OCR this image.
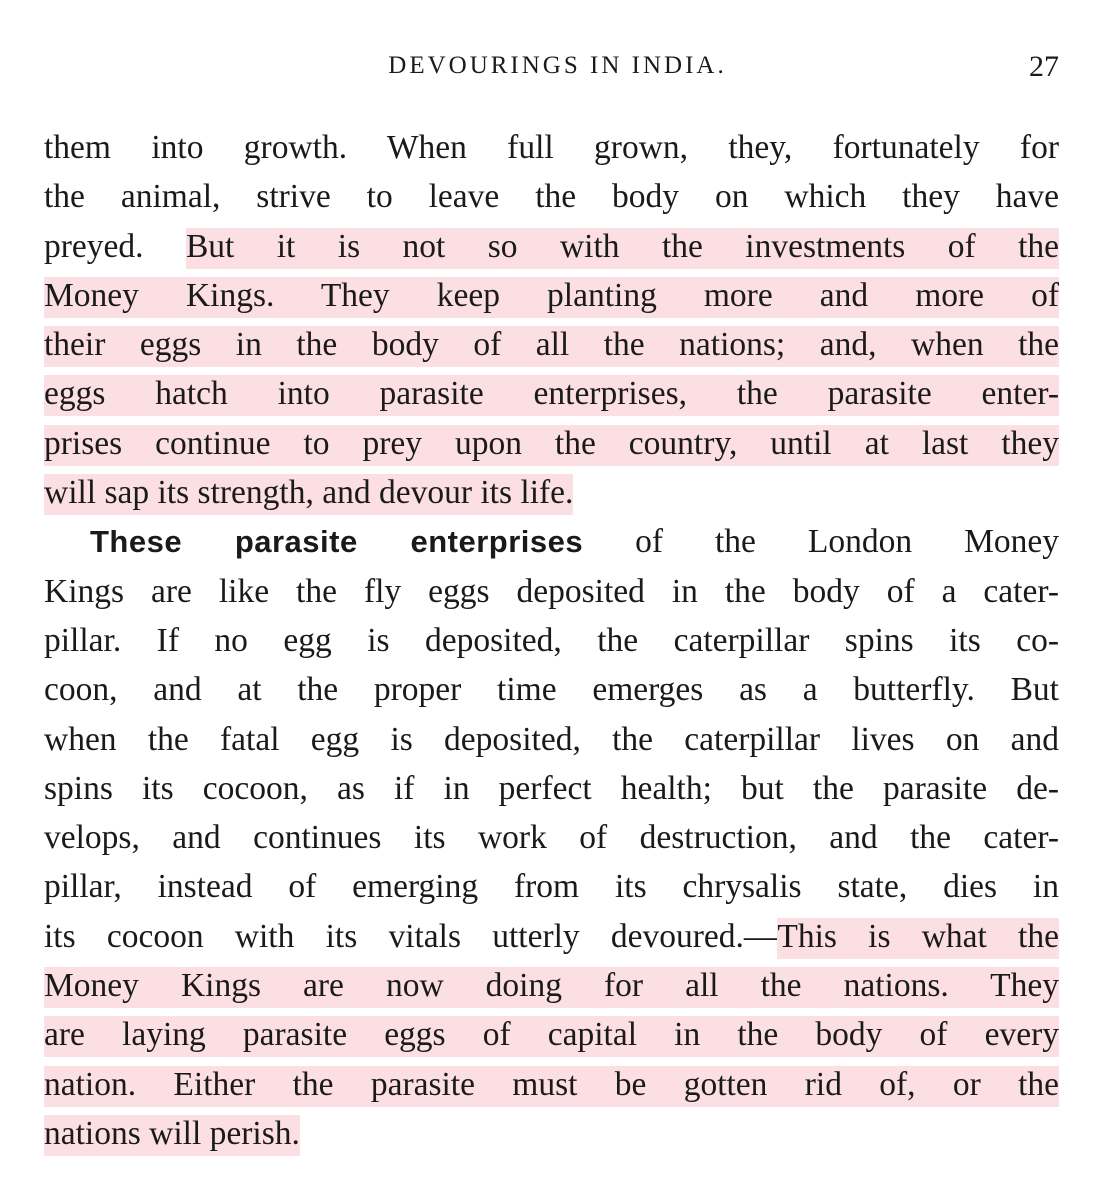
DEVOURINGS IN INDIA.	27
them into growth. When full grown, they, fortunately for
the animal, strive to leave the body on which they have
preyed. But it is not so with the investments of the
Money Kings. They keep planting more and more of
their eggs in the body of all the nations; and, when the
eggs hatch into parasite enterprises, the parasite enter-
prises continue to prey upon the country, until at last they
will sap its strength, and devour its life.
These parasite enterprises of the London Money
Kings are like the fly eggs deposited in the body of a cater-
pillar. If no egg is deposited, the caterpillar spins its co-
coon, and at the proper time emerges as a butterfly. But
when the fatal egg is deposited, the caterpillar lives on and
spins its cocoon, as if in perfect health; but the parasite de-
velops, and continues its work of destruction, and the cater-
pillar, instead of emerging from its chrysalis state, dies in
its cocoon with its vitals utterly devoured.—This is what the
Money Kings are now doing for all the nations. They
are laying parasite eggs of capital in the body of every
nation. Either the parasite must be gotten rid of, or the
nations will perish.
